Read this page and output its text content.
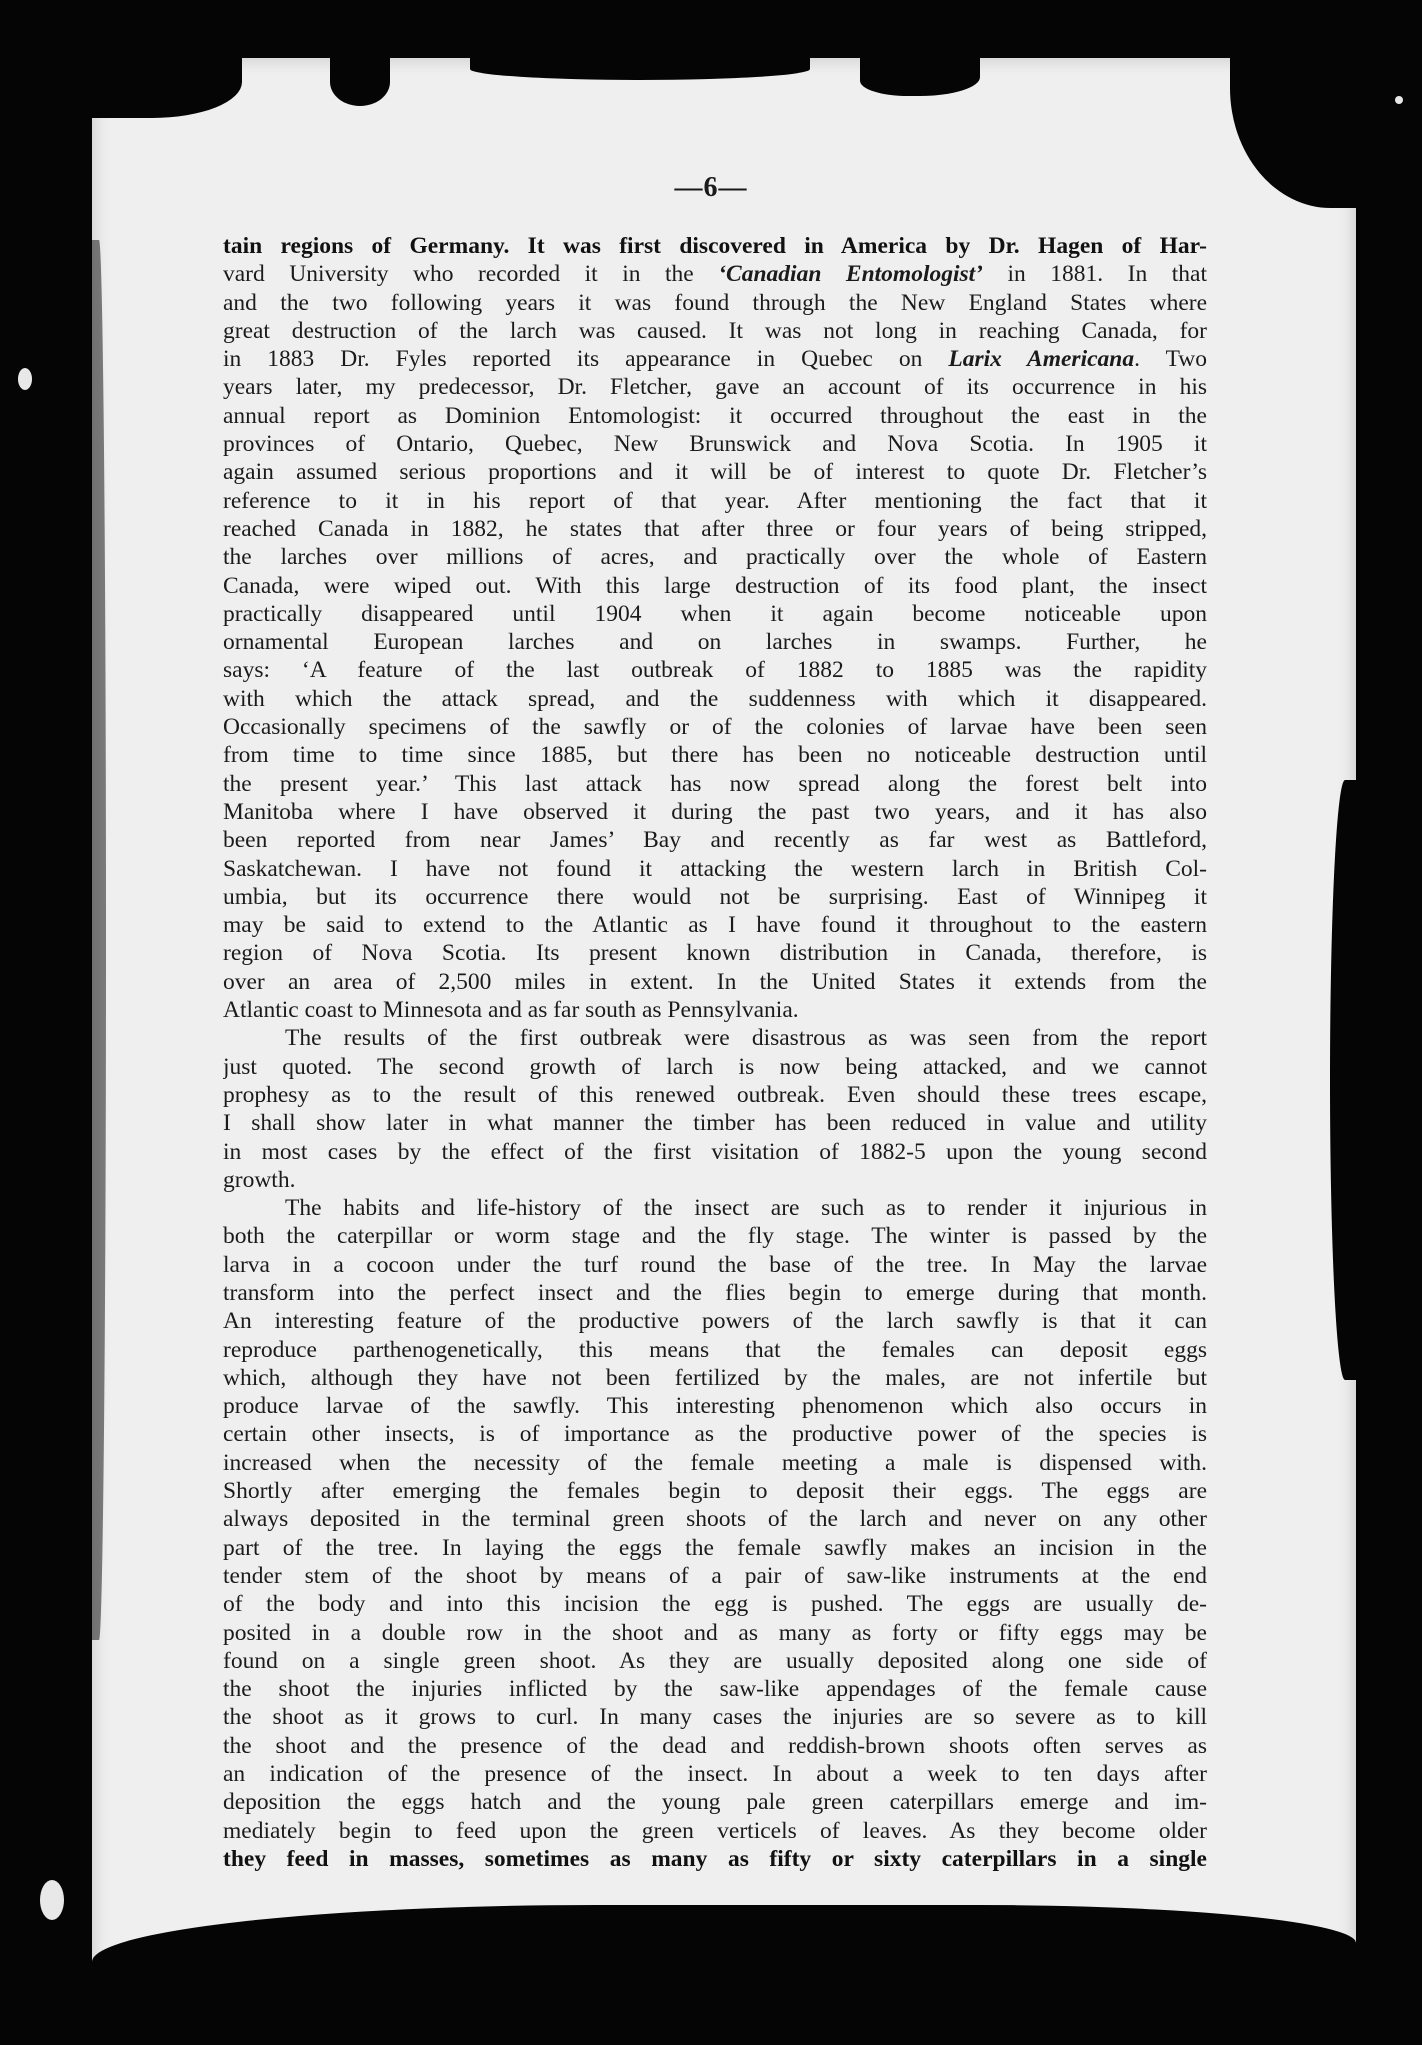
—6—
tain regions of Germany. It was first discovered in America by Dr. Hagen of Har-
vard University who recorded it in the ‘Canadian Entomologist’ in 1881. In that
and the two following years it was found through the New England States where
great destruction of the larch was caused. It was not long in reaching Canada, for
in 1883 Dr. Fyles reported its appearance in Quebec on Larix Americana. Two
years later, my predecessor, Dr. Fletcher, gave an account of its occurrence in his
annual report as Dominion Entomologist: it occurred throughout the east in the
provinces of Ontario, Quebec, New Brunswick and Nova Scotia. In 1905 it
again assumed serious proportions and it will be of interest to quote Dr. Fletcher’s
reference to it in his report of that year. After mentioning the fact that it
reached Canada in 1882, he states that after three or four years of being stripped,
the larches over millions of acres, and practically over the whole of Eastern
Canada, were wiped out. With this large destruction of its food plant, the insect
practically disappeared until 1904 when it again become noticeable upon
ornamental European larches and on larches in swamps. Further, he
says: ‘A feature of the last outbreak of 1882 to 1885 was the rapidity
with which the attack spread, and the suddenness with which it disappeared.
Occasionally specimens of the sawfly or of the colonies of larvae have been seen
from time to time since 1885, but there has been no noticeable destruction until
the present year.’ This last attack has now spread along the forest belt into
Manitoba where I have observed it during the past two years, and it has also
been reported from near James’ Bay and recently as far west as Battleford,
Saskatchewan. I have not found it attacking the western larch in British Col-
umbia, but its occurrence there would not be surprising. East of Winnipeg it
may be said to extend to the Atlantic as I have found it throughout to the eastern
region of Nova Scotia. Its present known distribution in Canada, therefore, is
over an area of 2,500 miles in extent. In the United States it extends from the
Atlantic coast to Minnesota and as far south as Pennsylvania.
The results of the first outbreak were disastrous as was seen from the report
just quoted. The second growth of larch is now being attacked, and we cannot
prophesy as to the result of this renewed outbreak. Even should these trees escape,
I shall show later in what manner the timber has been reduced in value and utility
in most cases by the effect of the first visitation of 1882-5 upon the young second
growth.
The habits and life-history of the insect are such as to render it injurious in
both the caterpillar or worm stage and the fly stage. The winter is passed by the
larva in a cocoon under the turf round the base of the tree. In May the larvae
transform into the perfect insect and the flies begin to emerge during that month.
An interesting feature of the productive powers of the larch sawfly is that it can
reproduce parthenogenetically, this means that the females can deposit eggs
which, although they have not been fertilized by the males, are not infertile but
produce larvae of the sawfly. This interesting phenomenon which also occurs in
certain other insects, is of importance as the productive power of the species is
increased when the necessity of the female meeting a male is dispensed with.
Shortly after emerging the females begin to deposit their eggs. The eggs are
always deposited in the terminal green shoots of the larch and never on any other
part of the tree. In laying the eggs the female sawfly makes an incision in the
tender stem of the shoot by means of a pair of saw-like instruments at the end
of the body and into this incision the egg is pushed. The eggs are usually de-
posited in a double row in the shoot and as many as forty or fifty eggs may be
found on a single green shoot. As they are usually deposited along one side of
the shoot the injuries inflicted by the saw-like appendages of the female cause
the shoot as it grows to curl. In many cases the injuries are so severe as to kill
the shoot and the presence of the dead and reddish-brown shoots often serves as
an indication of the presence of the insect. In about a week to ten days after
deposition the eggs hatch and the young pale green caterpillars emerge and im-
mediately begin to feed upon the green verticels of leaves. As they become older
they feed in masses, sometimes as many as fifty or sixty caterpillars in a single
